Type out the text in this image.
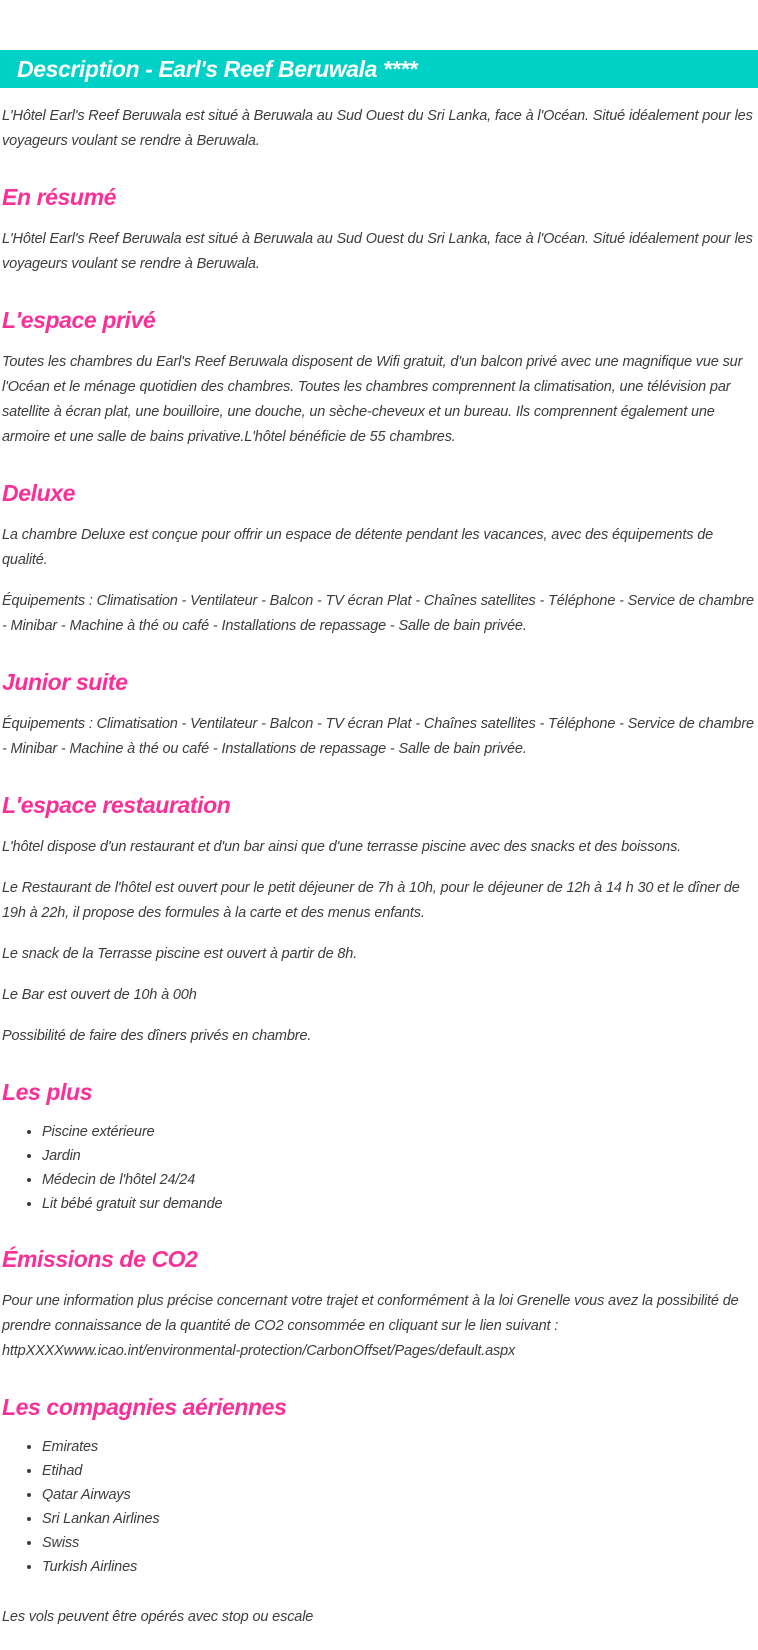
Description - Earl's Reef Beruwala ****

L'Hôtel Earl's Reef Beruwala est situé à Beruwala au Sud Ouest du Sri Lanka, face à l'Océan. Situé idéalement pour les voyageurs voulant se rendre à Beruwala.

En résumé

L'Hôtel Earl's Reef Beruwala est situé à Beruwala au Sud Ouest du Sri Lanka, face à l'Océan. Situé idéalement pour les voyageurs voulant se rendre à Beruwala.

L'espace privé

Toutes les chambres du Earl's Reef Beruwala disposent de Wifi gratuit, d'un balcon privé avec une magnifique vue sur l'Océan et le ménage quotidien des chambres. Toutes les chambres comprennent la climatisation, une télévision par satellite à écran plat, une bouilloire, une douche, un sèche-cheveux et un bureau. Ils comprennent également une armoire et une salle de bains privative.L'hôtel bénéficie de 55 chambres.

Deluxe

La chambre Deluxe est conçue pour offrir un espace de détente pendant les vacances, avec des équipements de qualité.

Équipements : Climatisation - Ventilateur - Balcon - TV écran Plat - Chaînes satellites - Téléphone - Service de chambre - Minibar - Machine à thé ou café - Installations de repassage - Salle de bain privée.

Junior suite

Équipements : Climatisation - Ventilateur - Balcon - TV écran Plat - Chaînes satellites - Téléphone - Service de chambre - Minibar - Machine à thé ou café - Installations de repassage - Salle de bain privée.

L'espace restauration

L'hôtel dispose d'un restaurant et d'un bar ainsi que d'une terrasse piscine avec des snacks et des boissons.

Le Restaurant de l'hôtel est ouvert pour le petit déjeuner de 7h à 10h, pour le déjeuner de 12h à 14 h 30 et le dîner de 19h à 22h, il propose des formules à la carte et des menus enfants.

Le snack de la Terrasse piscine est ouvert à partir de 8h.

Le Bar est ouvert de 10h à 00h

Possibilité de faire des dîners privés en chambre.

Les plus
• Piscine extérieure
• Jardin
• Médecin de l'hôtel 24/24
• Lit bébé gratuit sur demande
Émissions de CO2

Pour une information plus précise concernant votre trajet et conformément à la loi Grenelle vous avez la possibilité de prendre connaissance de la quantité de CO2 consommée en cliquant sur le lien suivant : httpXXXXwww.icao.int/environmental-protection/CarbonOffset/Pages/default.aspx

Les compagnies aériennes
• Emirates
• Etihad
• Qatar Airways
• Sri Lankan Airlines
• Swiss
• Turkish Airlines

Les vols peuvent être opérés avec stop ou escale
